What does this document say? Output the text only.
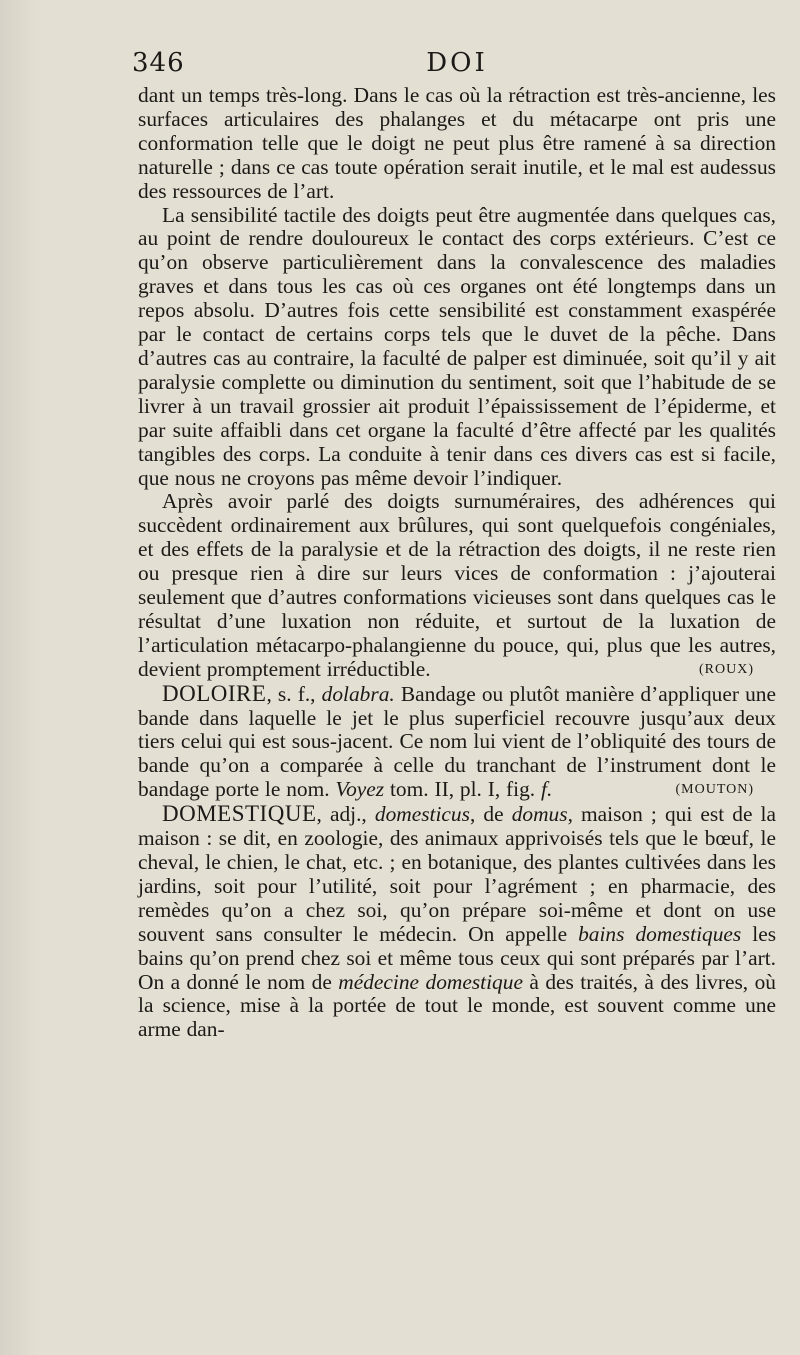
346	DOI

dant un temps très-long. Dans le cas où la rétraction est très-ancienne, les surfaces articulaires des phalanges et du métacarpe ont pris une conformation telle que le doigt ne peut plus être ramené à sa direction naturelle ; dans ce cas toute opération serait inutile, et le mal est audessus des ressources de l’art.

La sensibilité tactile des doigts peut être augmentée dans quelques cas, au point de rendre douloureux le contact des corps extérieurs. C’est ce qu’on observe particulièrement dans la convalescence des maladies graves et dans tous les cas où ces organes ont été longtemps dans un repos absolu. D’autres fois cette sensibilité est constamment exaspérée par le contact de certains corps tels que le duvet de la pêche. Dans d’autres cas au contraire, la faculté de palper est diminuée, soit qu’il y ait paralysie complette ou diminution du sentiment, soit que l’habitude de se livrer à un travail grossier ait produit l’épaississement de l’épiderme, et par suite affaibli dans cet organe la faculté d’être affecté par les qualités tangibles des corps. La conduite à tenir dans ces divers cas est si facile, que nous ne croyons pas même devoir l’indiquer.

Après avoir parlé des doigts surnuméraires, des adhérences qui succèdent ordinairement aux brûlures, qui sont quelquefois congéniales, et des effets de la paralysie et de la rétraction des doigts, il ne reste rien ou presque rien à dire sur leurs vices de conformation : j’ajouterai seulement que d’autres conformations vicieuses sont dans quelques cas le résultat d’une luxation non réduite, et surtout de la luxation de l’articulation métacarpo-phalangienne du pouce, qui, plus que les autres, devient promptement irréductible.	(ROUX)

DOLOIRE, s. f., dolabra. Bandage ou plutôt manière d’appliquer une bande dans laquelle le jet le plus superficiel recouvre jusqu’aux deux tiers celui qui est sous-jacent. Ce nom lui vient de l’obliquité des tours de bande qu’on a comparée à celle du tranchant de l’instrument dont le bandage porte le nom. Voyez tom. II, pl. I, fig. f.	(MOUTON)

DOMESTIQUE, adj., domesticus, de domus, maison ; qui est de la maison : se dit, en zoologie, des animaux apprivoisés tels que le bœuf, le cheval, le chien, le chat, etc. ; en botanique, des plantes cultivées dans les jardins, soit pour l’utilité, soit pour l’agrément ; en pharmacie, des remèdes qu’on a chez soi, qu’on prépare soi-même et dont on use souvent sans consulter le médecin. On appelle bains domestiques les bains qu’on prend chez soi et même tous ceux qui sont préparés par l’art. On a donné le nom de médecine domestique à des traités, à des livres, où la science, mise à la portée de tout le monde, est souvent comme une arme dan-
